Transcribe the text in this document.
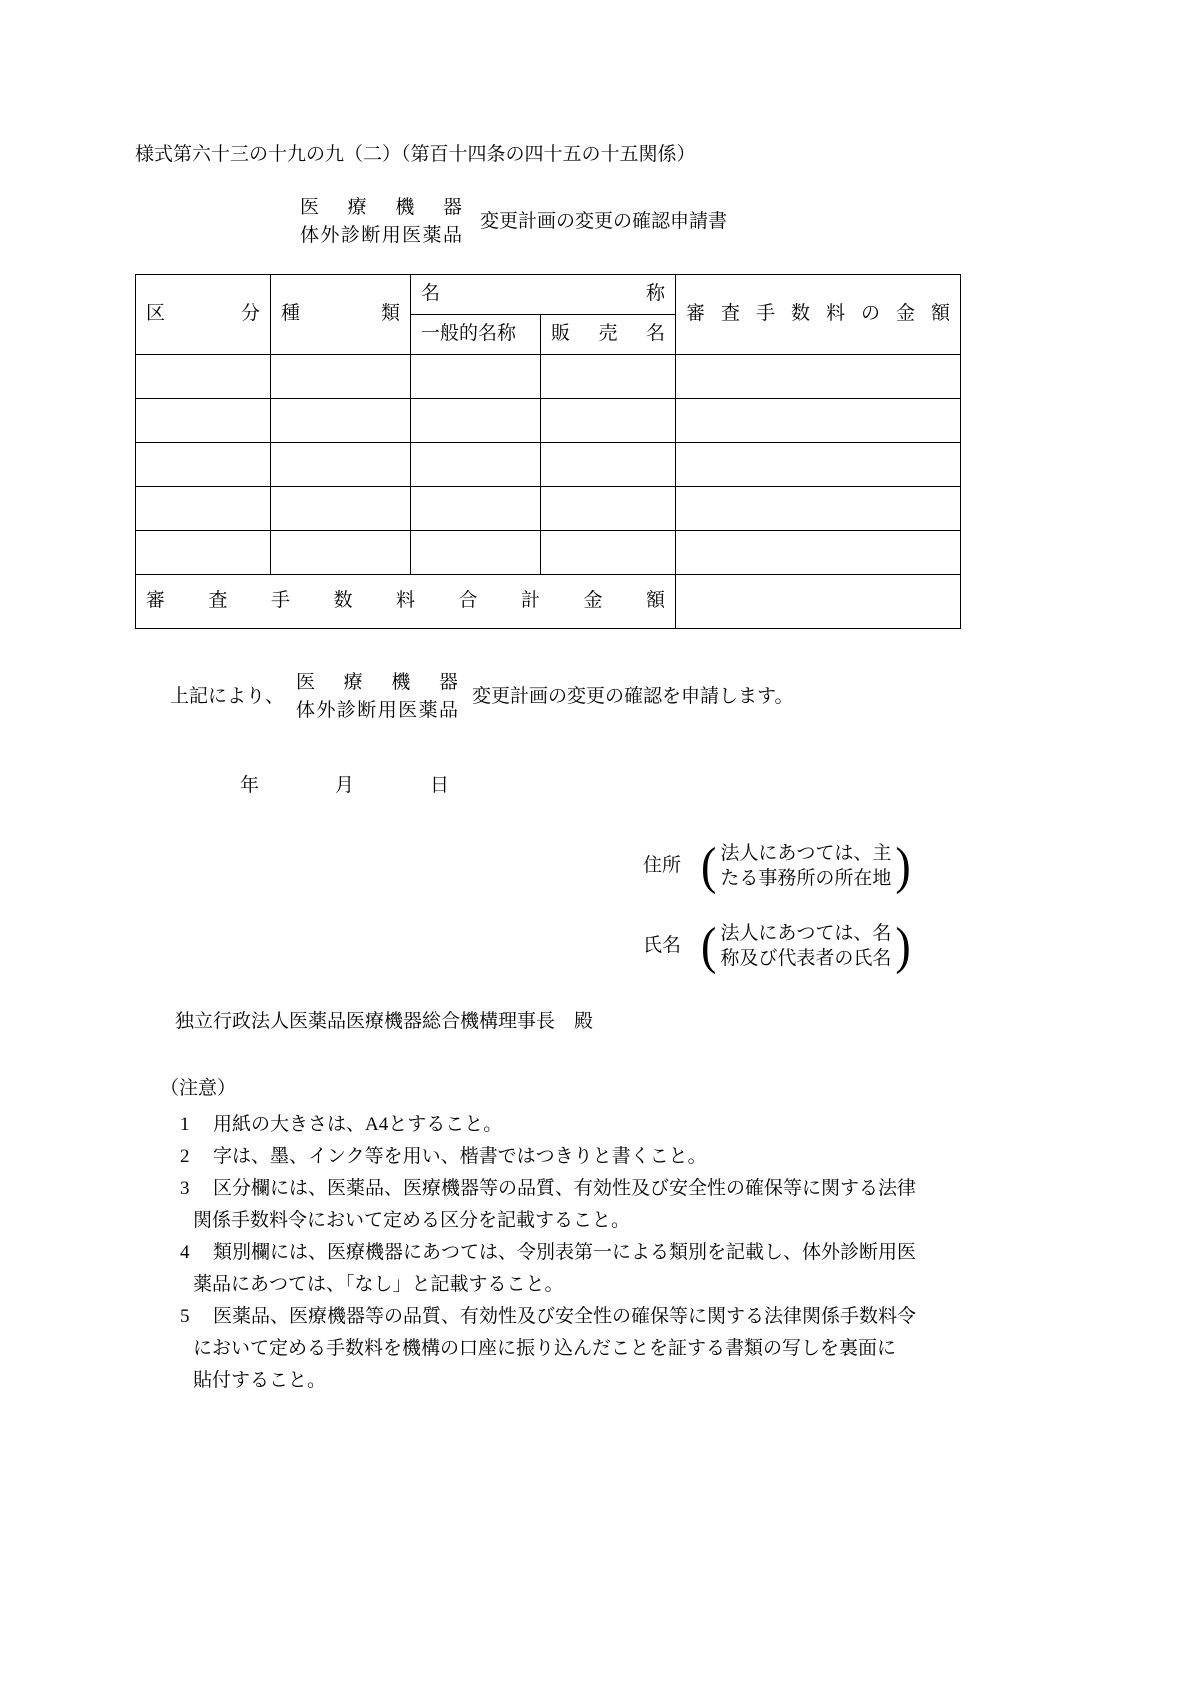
様式第六十三の十九の九（二）（第百十四条の四十五の十五関係）
医療機器
体外診断用医薬品
変更計画の変更の確認申請書
区分	種類	名称		審査手数料の金額
		一般的名称	販売名	

審査手数料合計金額				
上記により、
医療機器
体外診断用医薬品
変更計画の変更の確認を申請します。
年　　　　月　　　　日
住所 ( 法人にあつては、主
たる事務所の所在地 )
氏名 ( 法人にあつては、名
称及び代表者の氏名 )
独立行政法人医薬品医療機器総合機構理事長　殿
（注意）
1	用紙の大きさは、A4とすること。
2	字は、墨、インク等を用い、楷書ではつきりと書くこと。
3	区分欄には、医薬品、医療機器等の品質、有効性及び安全性の確保等に関する法律
関係手数料令において定める区分を記載すること。
4	類別欄には、医療機器にあつては、令別表第一による類別を記載し、体外診断用医
薬品にあつては、「なし」と記載すること。
5	医薬品、医療機器等の品質、有効性及び安全性の確保等に関する法律関係手数料令
において定める手数料を機構の口座に振り込んだことを証する書類の写しを裏面に
貼付すること。
